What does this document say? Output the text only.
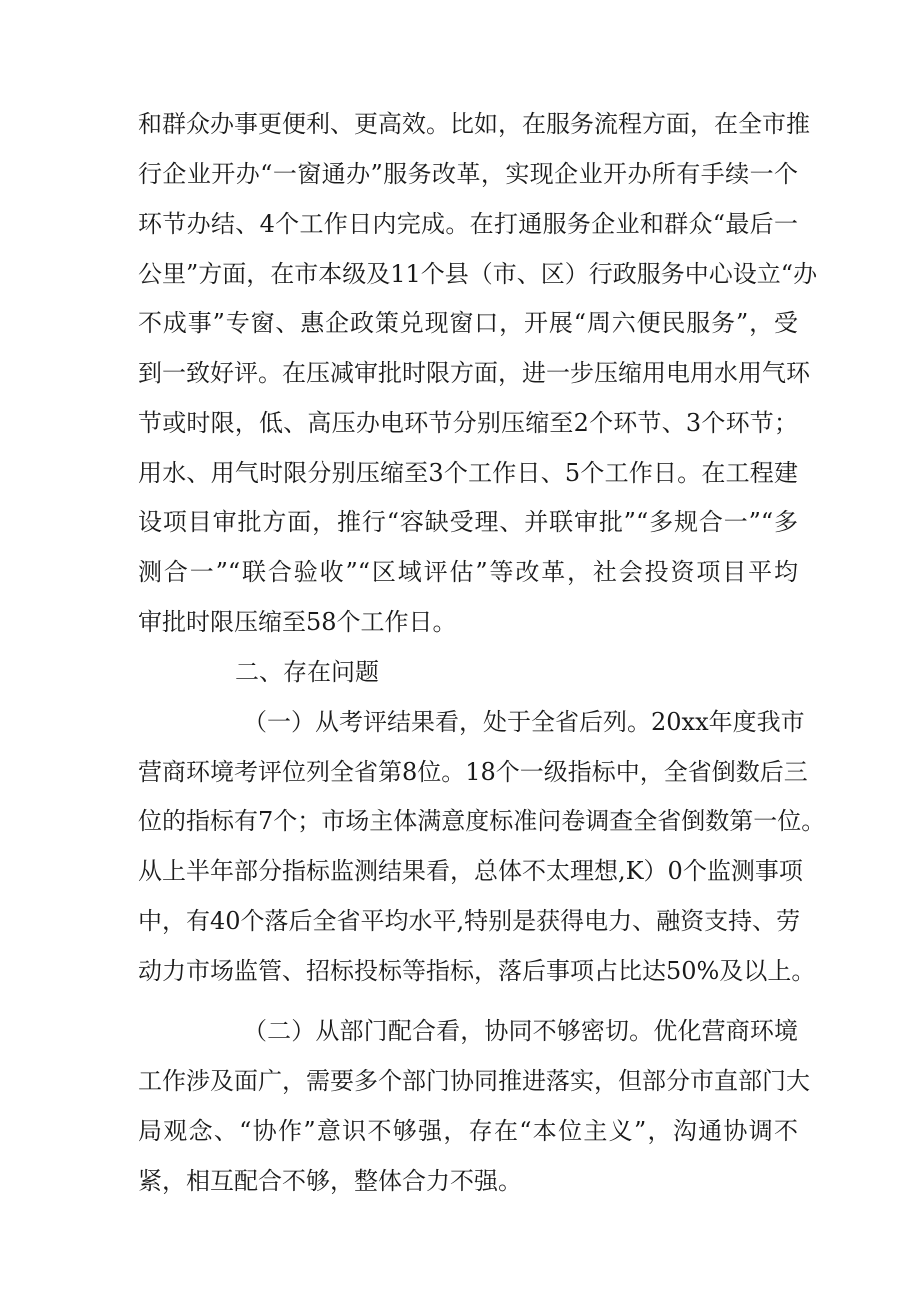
和群众办事更便利、更高效。比如，在服务流程方面，在全市推
行企业开办“一窗通办”服务改革，实现企业开办所有手续一个
环节办结、4个工作日内完成。在打通服务企业和群众“最后一
公里”方面，在市本级及11个县（市、区）行政服务中心设立“办
不成事”专窗、惠企政策兑现窗口，开展“周六便民服务”，受
到一致好评。在压减审批时限方面，进一步压缩用电用水用气环
节或时限，低、高压办电环节分别压缩至2个环节、3个环节；
用水、用气时限分别压缩至3个工作日、5个工作日。在工程建
设项目审批方面，推行“容缺受理、并联审批”“多规合一”“多
测合一”“联合验收”“区域评估”等改革，社会投资项目平均
审批时限压缩至58个工作日。
二、存在问题
（一）从考评结果看，处于全省后列。20xx年度我市
营商环境考评位列全省第8位。18个一级指标中，全省倒数后三
位的指标有7个；市场主体满意度标准问卷调查全省倒数第一位。
从上半年部分指标监测结果看，总体不太理想,K）0个监测事项
中，有40个落后全省平均水平,特别是获得电力、融资支持、劳
动力市场监管、招标投标等指标，落后事项占比达50%及以上。
（二）从部门配合看，协同不够密切。优化营商环境
工作涉及面广，需要多个部门协同推进落实，但部分市直部门大
局观念、“协作”意识不够强，存在“本位主义”，沟通协调不
紧，相互配合不够，整体合力不强。
